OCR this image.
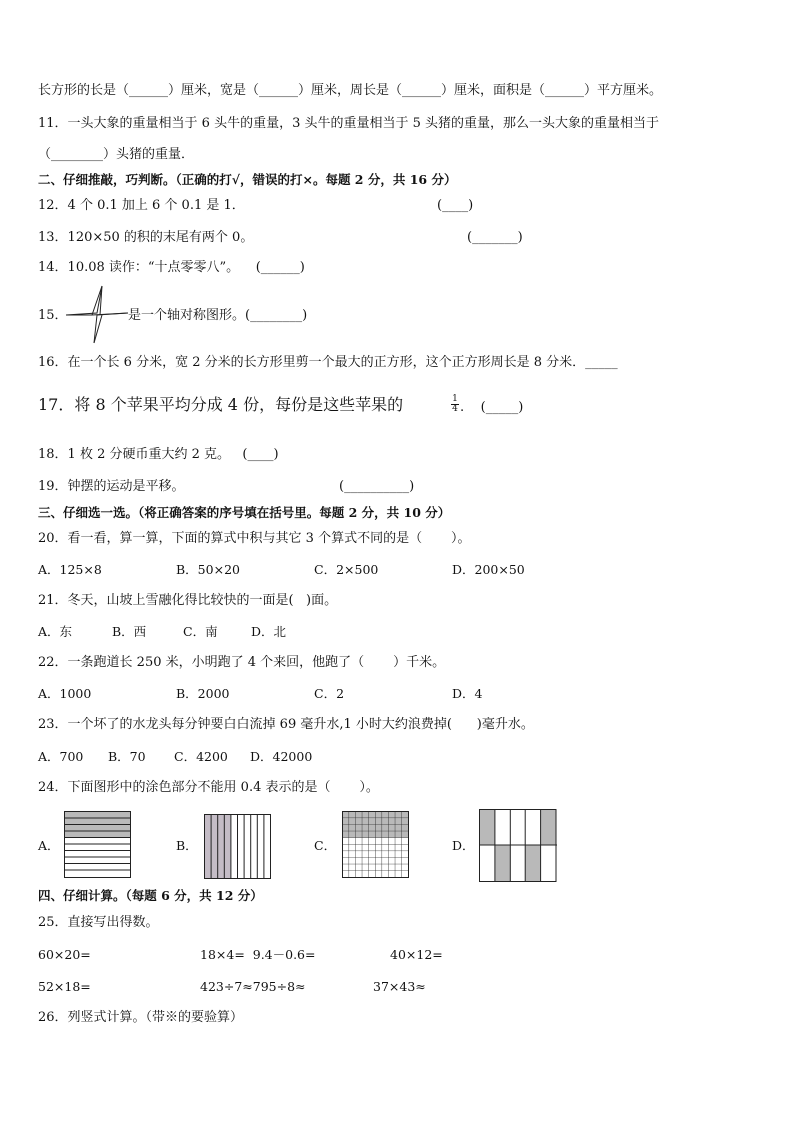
长方形的长是（______）厘米，宽是（______）厘米，周长是（______）厘米，面积是（______）平方厘米。
11．一头大象的重量相当于 6 头牛的重量，3 头牛的重量相当于 5 头猪的重量，那么一头大象的重量相当于
（________）头猪的重量．
二、仔细推敲，巧判断。（正确的打√，错误的打×。每题 2 分，共 16 分）
12．4 个 0.1 加上 6 个 0.1 是 1．	(____)
13．120×50 的积的末尾有两个 0。	(_______)
14．10.08 读作：“十点零零八”。    (______)
15．	是一个轴对称图形。(________)
16．在一个长 6 分米，宽 2 分米的长方形里剪一个最大的正方形，这个正方形周长是 8 分米．_____
17．将 8 个苹果平均分成 4 份，每份是这些苹果的	$\frac{1}{4}$ .    (_____)
18．1 枚 2 分硬币重大约 2 克。   (____)
19．钟摆的运动是平移。	(__________)
三、仔细选一选。（将正确答案的序号填在括号里。每题 2 分，共 10 分）
20．看一看，算一算，下面的算式中积与其它 3 个算式不同的是（       ）。
A．125×8	B．50×20	C．2×500	D．200×50
21．冬天，山坡上雪融化得比较快的一面是(   )面。
A．东	B．西	C．南	D．北
22．一条跑道长 250 米，小明跑了 4 个来回，他跑了（       ）千米。
A．1000	B．2000	C．2	D．4
23．一个坏了的水龙头每分钟要白白流掉 69 毫升水,1 小时大约浪费掉(      )毫升水。
A．700 B．70 C．4200 D．42000
24．下面图形中的涂色部分不能用 0.4 表示的是（       ）。
A．	B．	C．	D．
四、仔细计算。（每题 6 分，共 12 分）
25．直接写出得数。
60×20=	18×4=  9.4－0.6=	40×12=
52×18=	423÷7≈795÷8≈	37×43≈
26．列竖式计算。（带※的要验算）
